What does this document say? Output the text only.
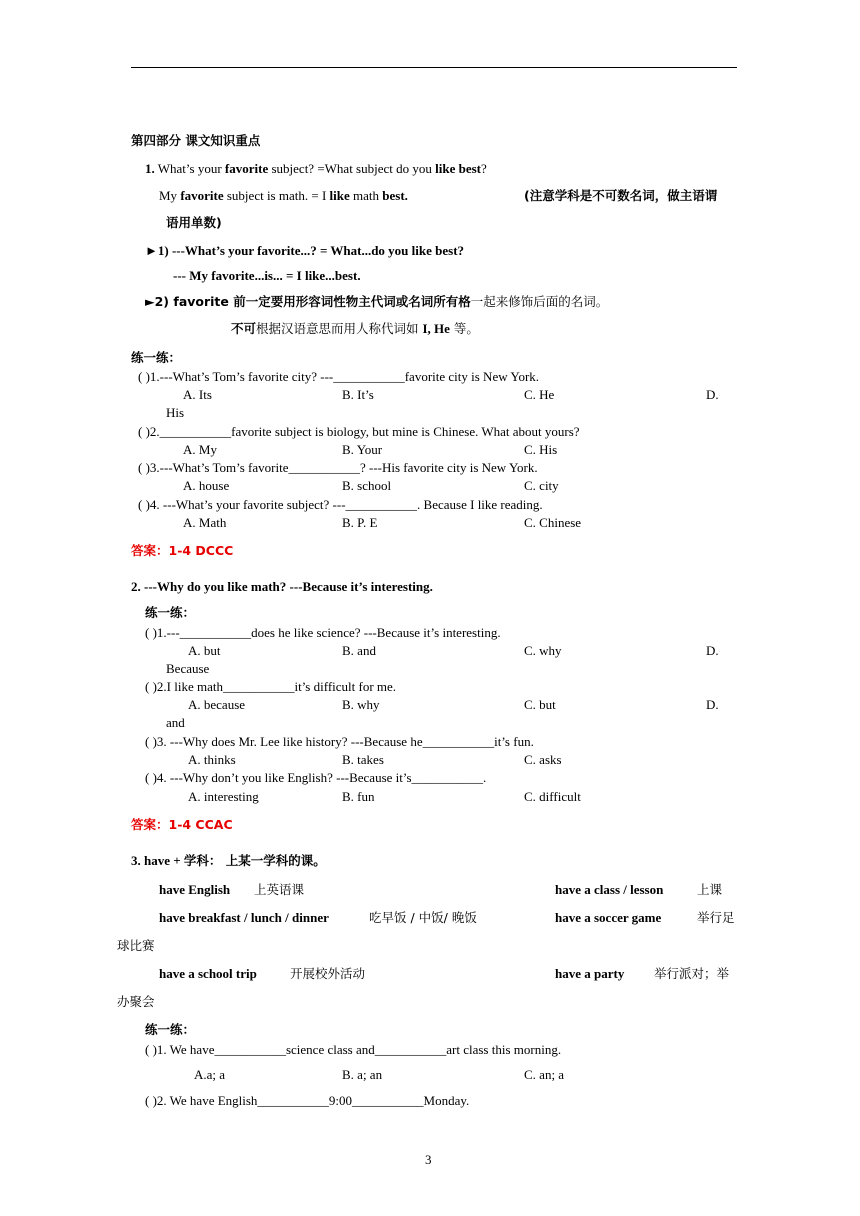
第四部分 课文知识重点
1. What’s your favorite subject? =What subject do you like best?
My favorite subject is math. = I like math best.	(注意学科是不可数名词，做主语谓
语用单数)
►1) ---What’s your favorite...? = What...do you like best?
--- My favorite...is... = I like...best.
►2) favorite 前一定要用形容词性物主代词或名词所有格一起来修饰后面的名词。
不可根据汉语意思而用人称代词如 I, He 等。
练一练：
( )1.---What’s Tom’s favorite city? ---___________favorite city is New York.
A. Its	B. It’s	C. He	D.
His
( )2.___________favorite subject is biology, but mine is Chinese. What about yours?
A. My	B. Your	C. His
( )3.---What’s Tom’s favorite___________? ---His favorite city is New York.
A. house	B. school	C. city
( )4. ---What’s your favorite subject? ---___________. Because I like reading.
A. Math	B. P. E	C. Chinese
答案：1-4 DCCC
2. ---Why do you like math? ---Because it’s interesting.
练一练：
( )1.---___________does he like science? ---Because it’s interesting.
A. but	B. and	C. why	D.
Because
( )2.I like math___________it’s difficult for me.
A. because	B. why	C. but	D.
and
( )3. ---Why does Mr. Lee like history? ---Because he___________it’s fun.
A. thinks	B. takes	C. asks
( )4. ---Why don’t you like English? ---Because it’s___________.
A. interesting	B. fun	C. difficult
答案：1-4 CCAC
3. have + 学科： 上某一学科的课。
have English 上英语课	have a class / lesson	上课
have breakfast / lunch / dinner	吃早饭 / 中饭/ 晚饭	have a soccer game	举行足
球比赛
have a school trip	开展校外活动	have a party 举行派对；举
办聚会
练一练：
( )1. We have___________science class and___________art class this morning.
A.a; a	B. a; an	C. an; a
( )2. We have English___________9:00___________Monday.
3
